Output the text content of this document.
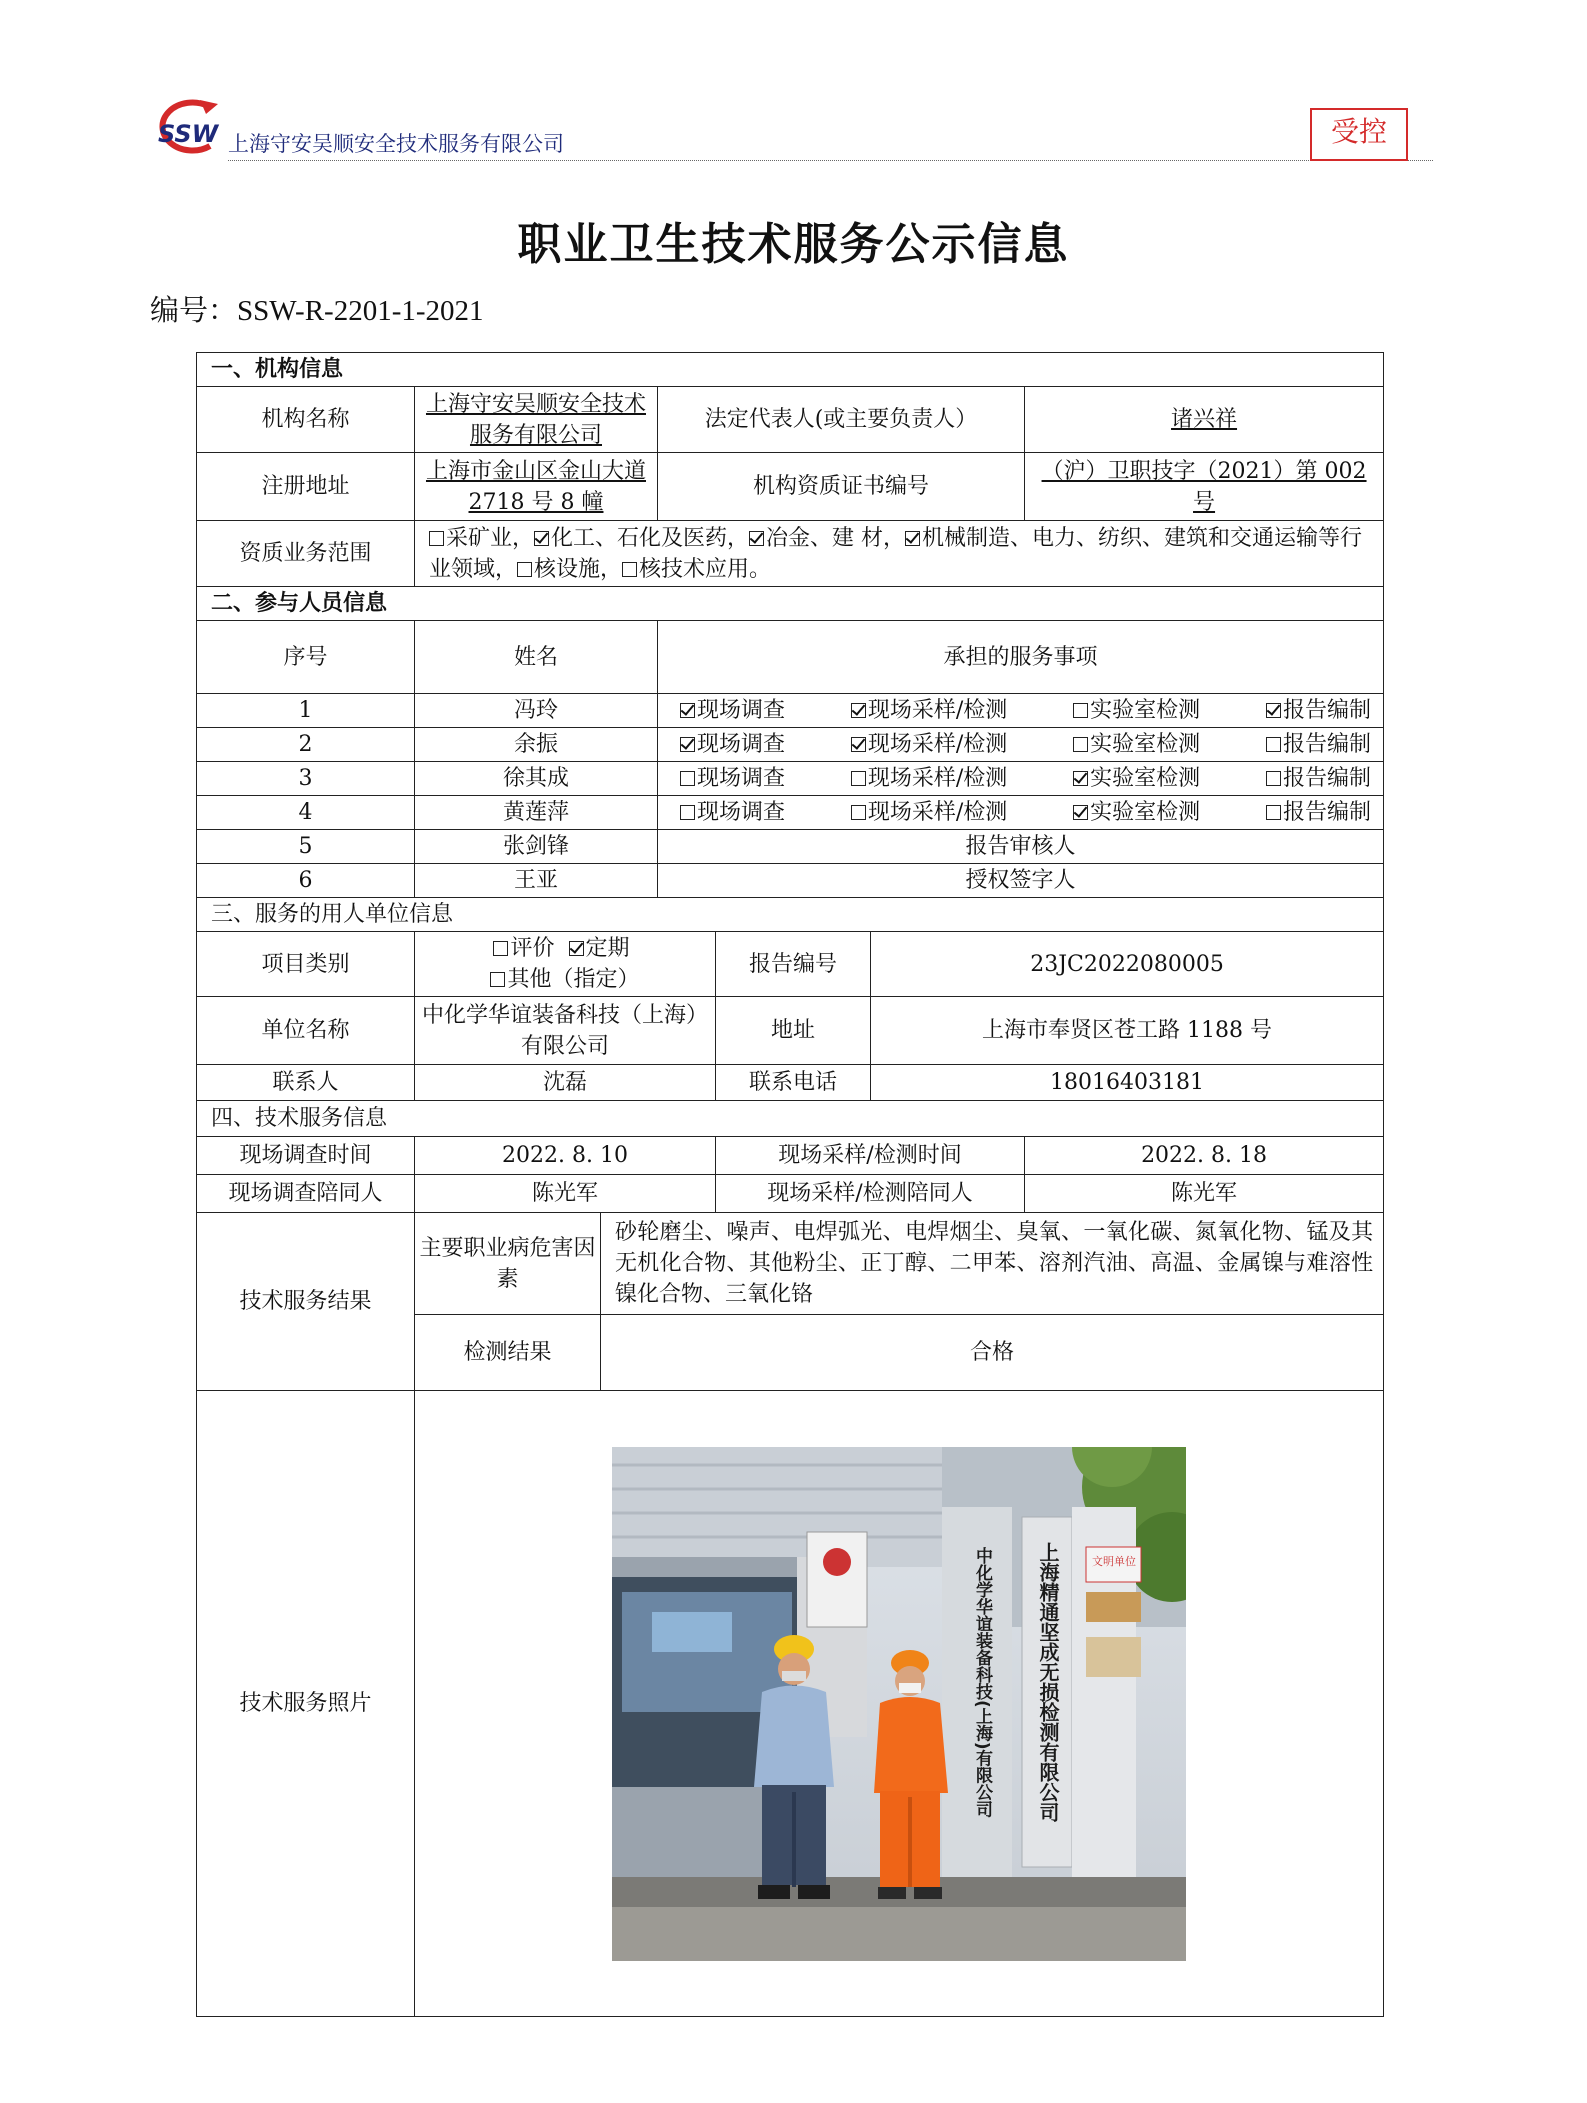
SSW 上海守安吴顺安全技术服务有限公司	受控
职业卫生技术服务公示信息
编号：SSW-R-2201-1-2021
一、机构信息						
机构名称	上海守安吴顺安全技术服务有限公司		法定代表人(或主要负责人）			诸兴祥
注册地址	上海市金山区金山大道 2718 号 8 幢		机构资质证书编号			（沪）卫职技字（2021）第 002 号
资质业务范围	采矿业， 化工、石化及医药， 冶金、建 材， 机械制造、电力、纺织、建筑和交通运输等行业领域， 核设施， 核技术应用。					
二、参与人员信息						
序号	姓名		承担的服务事项			
1	冯玲		现场调查 现场采样/检测 实验室检测 报告编制			

2	余振		现场调查 现场采样/检测 实验室检测 报告编制			

3	徐其成		现场调查 现场采样/检测 实验室检测 报告编制			

4	黄莲萍		现场调查 现场采样/检测 实验室检测 报告编制			

5	张剑锋		报告审核人			
6	王亚		授权签字人			
三、服务的用人单位信息						
项目类别	评价 定期  其他（指定）			报告编号	23JC2022080005	
单位名称	中化学华谊装备科技（上海）有限公司			地址	上海市奉贤区苍工路 1188 号	
联系人	沈磊			联系电话	18016403181	
四、技术服务信息						
现场调查时间	2022. 8. 10			现场采样/检测时间		2022. 8. 18
现场调查陪同人	陈光军			现场采样/检测陪同人		陈光军
技术服务结果	主要职业病危害因素	砂轮磨尘、噪声、电焊弧光、电焊烟尘、臭氧、一氧化碳、氮氧化物、锰及其无机化合物、其他粉尘、正丁醇、二甲苯、溶剂汽油、高温、金属镍与难溶性镍化合物、三氧化铬				
	检测结果	合格				
技术服务照片	中化学华谊装备科技(上海)有限公司 上海精通坚成无损检测有限公司 文明单位					
